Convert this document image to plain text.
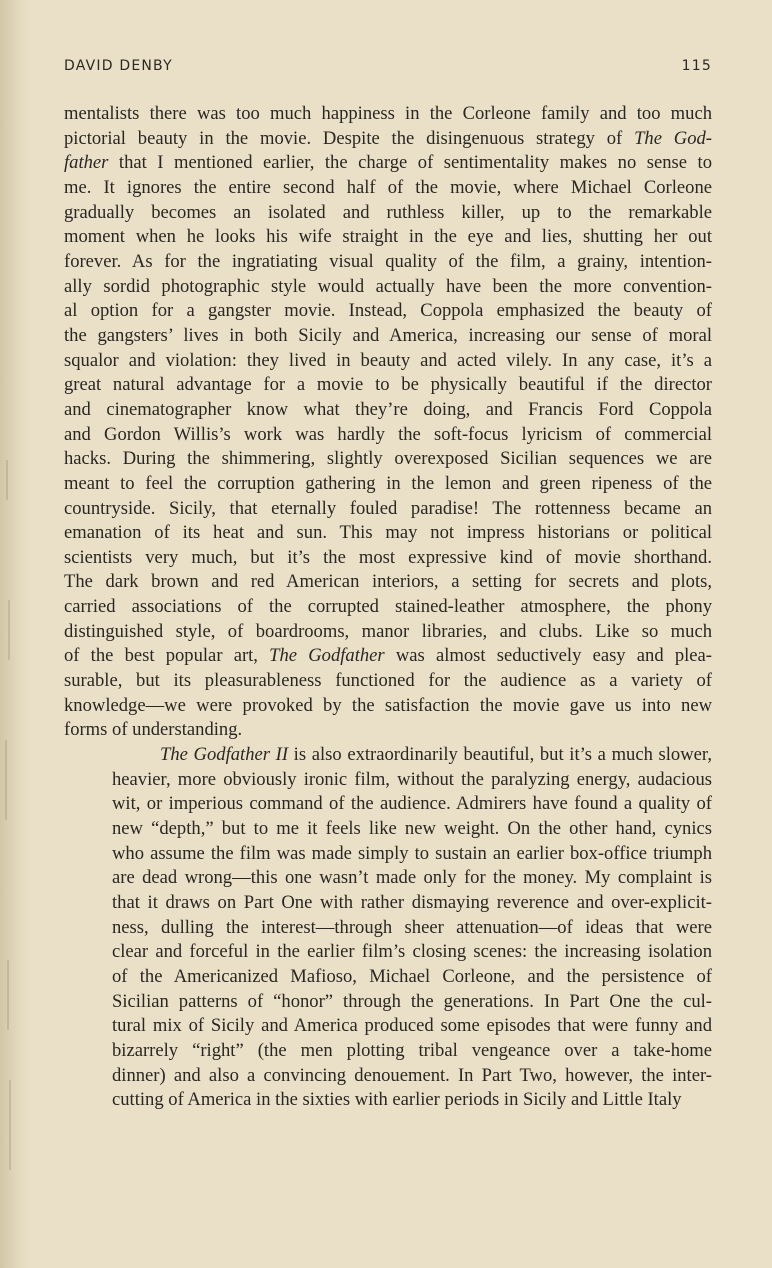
DAVID DENBY	115

mentalists there was too much happiness in the Corleone family and too much
pictorial beauty in the movie. Despite the disingenuous strategy of The God-
father that I mentioned earlier, the charge of sentimentality makes no sense to
me. It ignores the entire second half of the movie, where Michael Corleone
gradually becomes an isolated and ruthless killer, up to the remarkable
moment when he looks his wife straight in the eye and lies, shutting her out
forever. As for the ingratiating visual quality of the film, a grainy, intention-
ally sordid photographic style would actually have been the more convention-
al option for a gangster movie. Instead, Coppola emphasized the beauty of
the gangsters’ lives in both Sicily and America, increasing our sense of moral
squalor and violation: they lived in beauty and acted vilely. In any case, it’s a
great natural advantage for a movie to be physically beautiful if the director
and cinematographer know what they’re doing, and Francis Ford Coppola
and Gordon Willis’s work was hardly the soft-focus lyricism of commercial
hacks. During the shimmering, slightly overexposed Sicilian sequences we are
meant to feel the corruption gathering in the lemon and green ripeness of the
countryside. Sicily, that eternally fouled paradise! The rottenness became an
emanation of its heat and sun. This may not impress historians or political
scientists very much, but it’s the most expressive kind of movie shorthand.
The dark brown and red American interiors, a setting for secrets and plots,
carried associations of the corrupted stained-leather atmosphere, the phony
distinguished style, of boardrooms, manor libraries, and clubs. Like so much
of the best popular art, The Godfather was almost seductively easy and plea-
surable, but its pleasurableness functioned for the audience as a variety of
knowledge—we were provoked by the satisfaction the movie gave us into new
forms of understanding.

The Godfather II is also extraordinarily beautiful, but it’s a much slower,
heavier, more obviously ironic film, without the paralyzing energy, audacious
wit, or imperious command of the audience. Admirers have found a quality of
new “depth,” but to me it feels like new weight. On the other hand, cynics
who assume the film was made simply to sustain an earlier box-office triumph
are dead wrong—this one wasn’t made only for the money. My complaint is
that it draws on Part One with rather dismaying reverence and over-explicit-
ness, dulling the interest—through sheer attenuation—of ideas that were
clear and forceful in the earlier film’s closing scenes: the increasing isolation
of the Americanized Mafioso, Michael Corleone, and the persistence of
Sicilian patterns of “honor” through the generations. In Part One the cul-
tural mix of Sicily and America produced some episodes that were funny and
bizarrely “right” (the men plotting tribal vengeance over a take-home
dinner) and also a convincing denouement. In Part Two, however, the inter-
cutting of America in the sixties with earlier periods in Sicily and Little Italy
